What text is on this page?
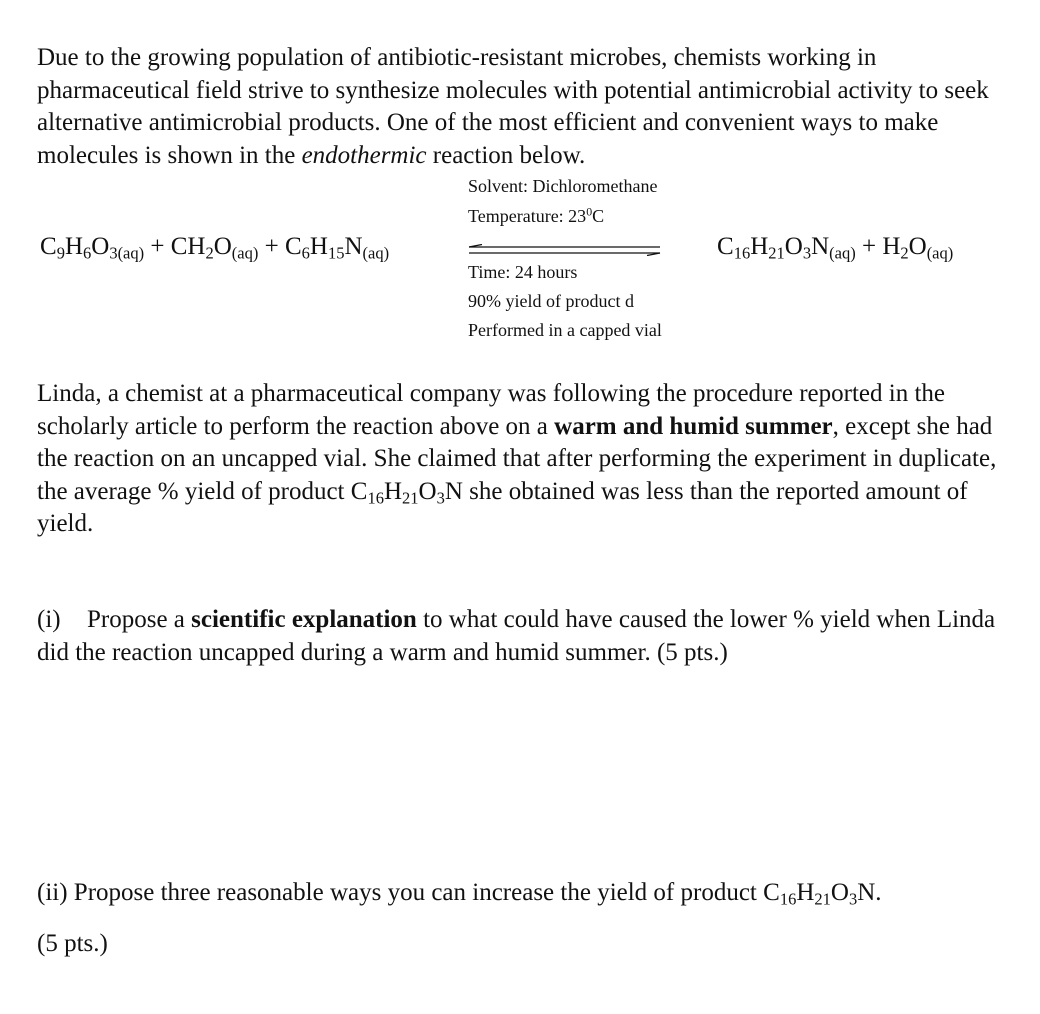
Due to the growing population of antibiotic-resistant microbes, chemists working in pharmaceutical field strive to synthesize molecules with potential antimicrobial activity to seek alternative antimicrobial products. One of the most efficient and convenient ways to make molecules is shown in the endothermic reaction below.
$C_9H_6O_{3(aq)} + CH_2O_{(aq)} + C_6H_{15}N_{(aq)}$
Solvent: Dichloromethane
Temperature: $23^0C$
Time: 24 hours
90% yield of product d
Performed in a capped vial
$C_{16}H_{21}O_3N_{(aq)} + H_2O_{(aq)}$
Linda, a chemist at a pharmaceutical company was following the procedure reported in the scholarly article to perform the reaction above on a warm and humid summer, except she had the reaction on an uncapped vial. She claimed that after performing the experiment in duplicate, the average % yield of product $C_{16}H_{21}O_3N$ she obtained was less than the reported amount of yield.
(i) Propose a scientific explanation to what could have caused the lower % yield when Linda did the reaction uncapped during a warm and humid summer. (5 pts.)
(ii) Propose three reasonable ways you can increase the yield of product $C_{16}H_{21}O_3N$.
(5 pts.)
